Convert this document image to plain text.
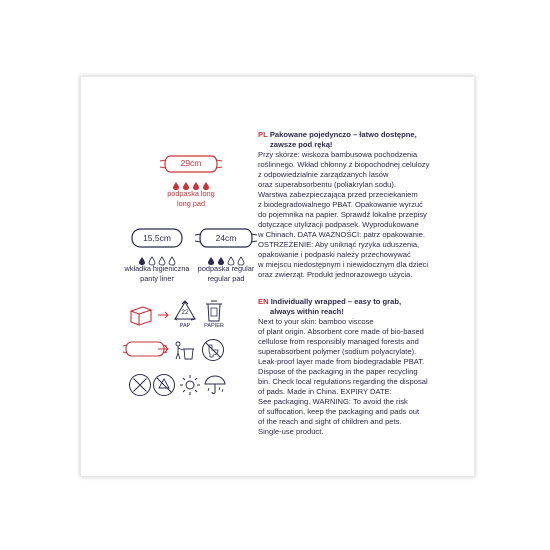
29cm
podpaska long
long pad
15,5cm
wkładka higieniczna
panty liner
24cm
podpaska regular
regular pad
22
PAP	PAPIER
PL Pakowane pojedynczo – łatwo dostępne,
zawsze pod ręką!
Przy skórze: wiskoza bambusowa pochodzenia
roślinnego. Wkład chłonny z biopochodnej celulozy
z odpowiedzialnie zarządzanych lasów
oraz superabsorbentu (poliakrylan sodu).
Warstwa zabezpieczająca przed przeciekaniem
z biodegradowalnego PBAT. Opakowanie wyrzuć
do pojemnika na papier. Sprawdź lokalne przepisy
dotyczące utylizacji podpasek. Wyprodukowane
w Chinach. DATA WAŻNOŚCI: patrz opakowanie.
OSTRZEŻENIE: Aby uniknąć ryzyka uduszenia,
opakowanie i podpaski należy przechowywać
w miejscu niedostępnym i niewidocznym dla dzieci
oraz zwierząt. Produkt jednorazowego użycia.
EN Individually wrapped – easy to grab,
always within reach!
Next to your skin: bamboo viscose
of plant origin. Absorbent core made of bio-based
cellulose from responsibly managed forests and
superabsorbent polymer (sodium polyacrylate).
Leak-proof layer made from biodegradable PBAT.
Dispose of the packaging in the paper recycling
bin. Check local regulations regarding the disposal
of pads. Made in China. EXPIRY DATE:
See packaging. WARNING: To avoid the risk
of suffocation, keep the packaging and pads out
of the reach and sight of children and pets.
Single-use product.
